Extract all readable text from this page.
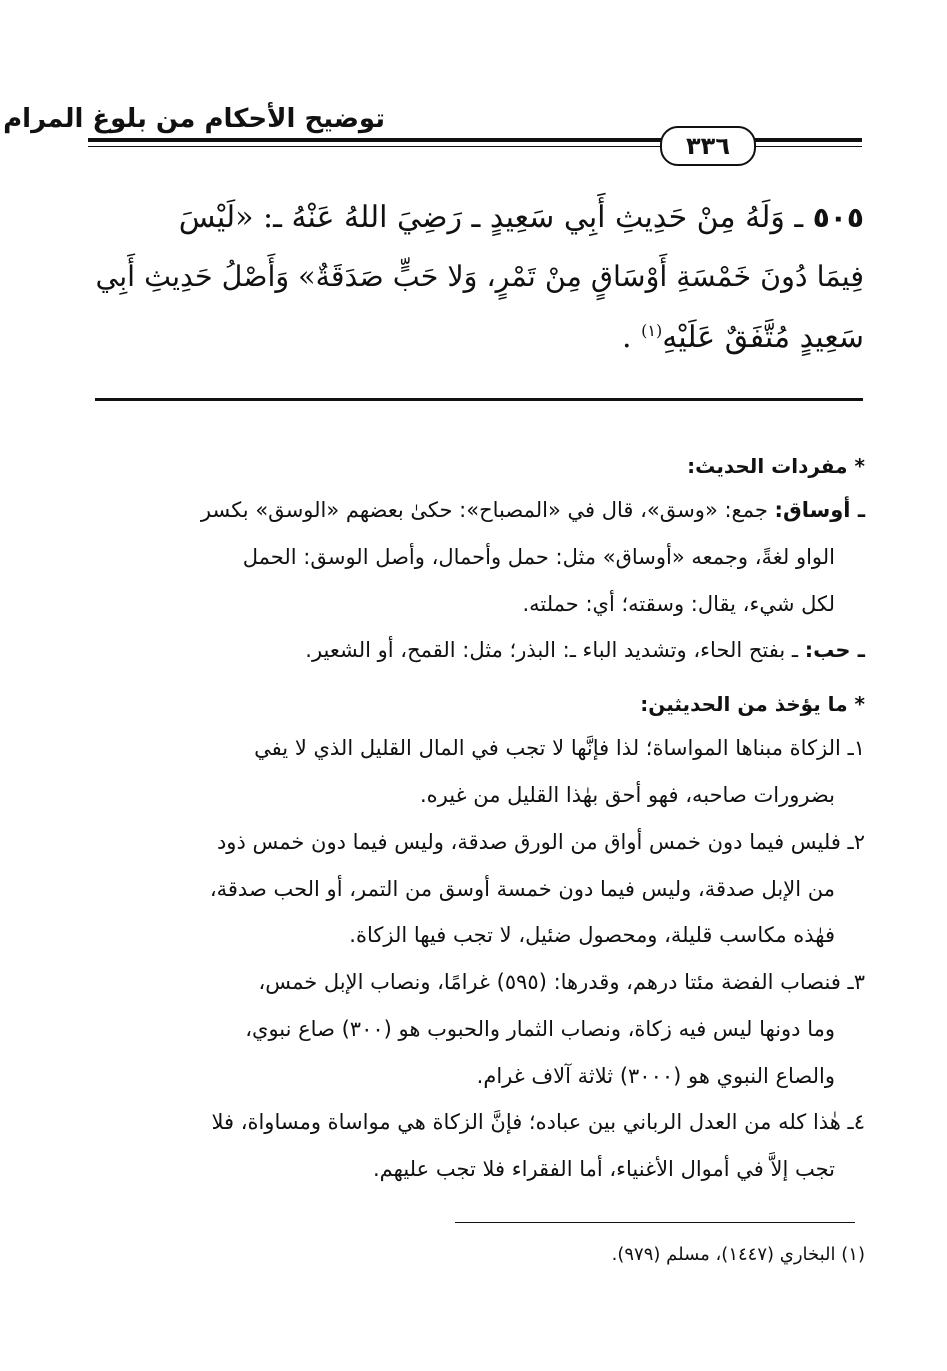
توضيح الأحكام من بلوغ المرام
٣٣٦
٥٠٥ ـ وَلَهُ مِنْ حَدِيثِ أَبِي سَعِيدٍ ـ رَضِيَ اللهُ عَنْهُ ـ: «لَيْسَ
فِيمَا دُونَ خَمْسَةِ أَوْسَاقٍ مِنْ تَمْرٍ، وَلا حَبٍّ صَدَقَةٌ» وَأَصْلُ حَدِيثِ أَبِي
سَعِيدٍ مُتَّفَقٌ عَلَيْهِ$^{(١)}$ .
* مفردات الحديث:
ـ أوساق: جمع: «وسق»، قال في «المصباح»: حكىٰ بعضهم «الوسق» بكسر
الواو لغةً، وجمعه «أوساق» مثل: حمل وأحمال، وأصل الوسق: الحمل
لكل شيء، يقال: وسقته؛ أي: حملته.
ـ حب: ـ بفتح الحاء، وتشديد الباء ـ: البذر؛ مثل: القمح، أو الشعير.
* ما يؤخذ من الحديثين:
١ـ الزكاة مبناها المواساة؛ لذا فإنَّها لا تجب في المال القليل الذي لا يفي
بضرورات صاحبه، فهو أحق بهٰذا القليل من غيره.
٢ـ فليس فيما دون خمس أواق من الورق صدقة، وليس فيما دون خمس ذود
من الإبل صدقة، وليس فيما دون خمسة أوسق من التمر، أو الحب صدقة،
فهٰذه مكاسب قليلة، ومحصول ضئيل، لا تجب فيها الزكاة.
٣ـ فنصاب الفضة مئتا درهم، وقدرها: (٥٩٥) غرامًا، ونصاب الإبل خمس،
وما دونها ليس فيه زكاة، ونصاب الثمار والحبوب هو (٣٠٠) صاع نبوي،
والصاع النبوي هو (٣٠٠٠) ثلاثة آلاف غرام.
٤ـ هٰذا كله من العدل الرباني بين عباده؛ فإنَّ الزكاة هي مواساة ومساواة، فلا
تجب إلاَّ في أموال الأغنياء، أما الفقراء فلا تجب عليهم.
(١) البخاري (١٤٤٧)، مسلم (٩٧٩).
